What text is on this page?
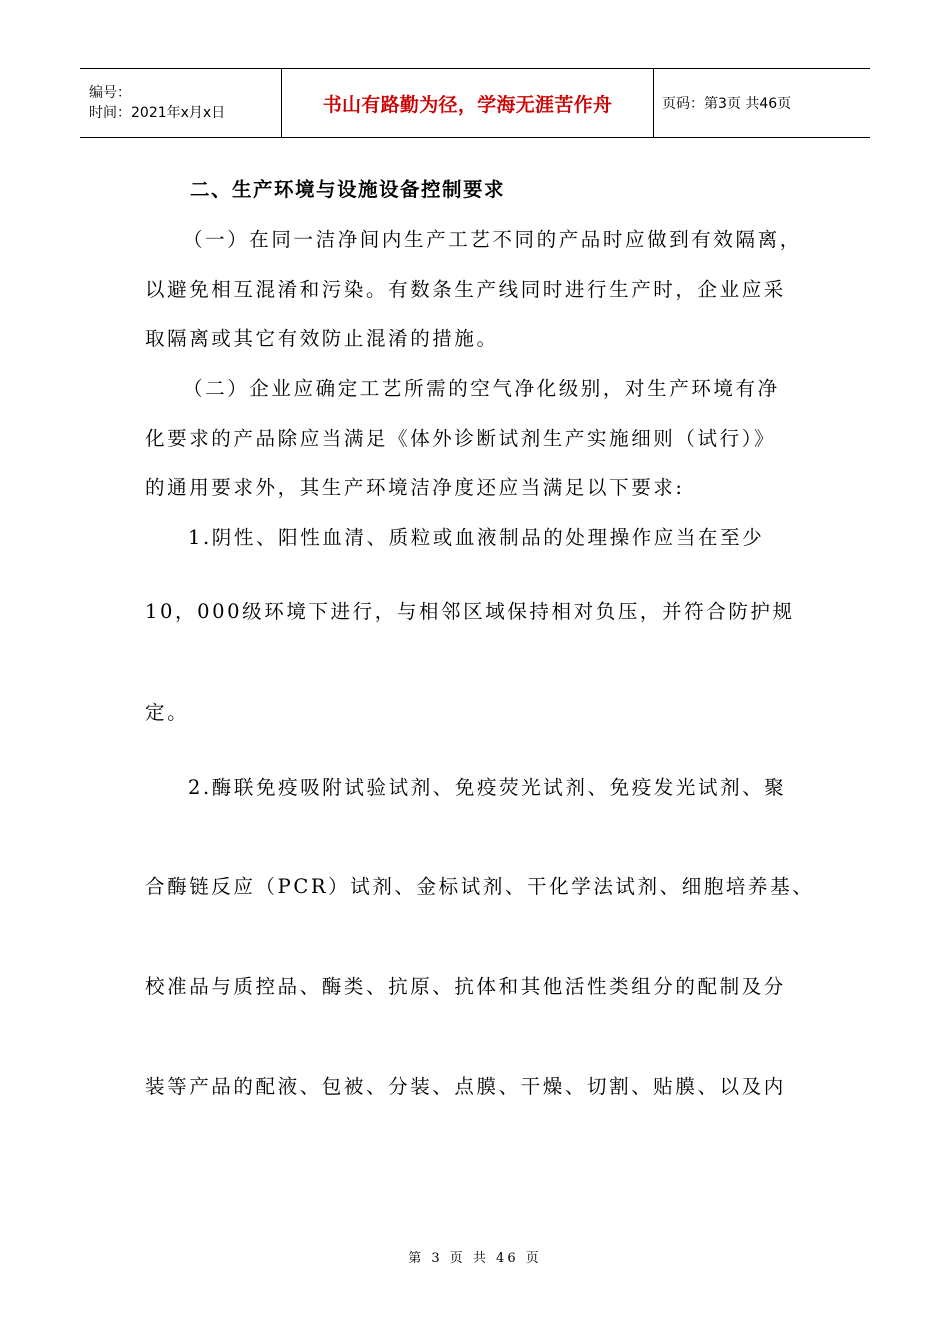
编号：
时间：2021年x月x日	书山有路勤为径，学海无涯苦作舟	页码：第3页 共46页
二、生产环境与设施设备控制要求
（一）在同一洁净间内生产工艺不同的产品时应做到有效隔离，
以避免相互混淆和污染。有数条生产线同时进行生产时，企业应采
取隔离或其它有效防止混淆的措施。
（二）企业应确定工艺所需的空气净化级别，对生产环境有净
化要求的产品除应当满足《体外诊断试剂生产实施细则（试行）》
的通用要求外，其生产环境洁净度还应当满足以下要求:
1.阴性、阳性血清、质粒或血液制品的处理操作应当在至少
10，000级环境下进行，与相邻区域保持相对负压，并符合防护规
定。
2.酶联免疫吸附试验试剂、免疫荧光试剂、免疫发光试剂、聚
合酶链反应（PCR）试剂、金标试剂、干化学法试剂、细胞培养基、
校准品与质控品、酶类、抗原、抗体和其他活性类组分的配制及分
装等产品的配液、包被、分装、点膜、干燥、切割、贴膜、以及内
第 3 页 共 46 页
